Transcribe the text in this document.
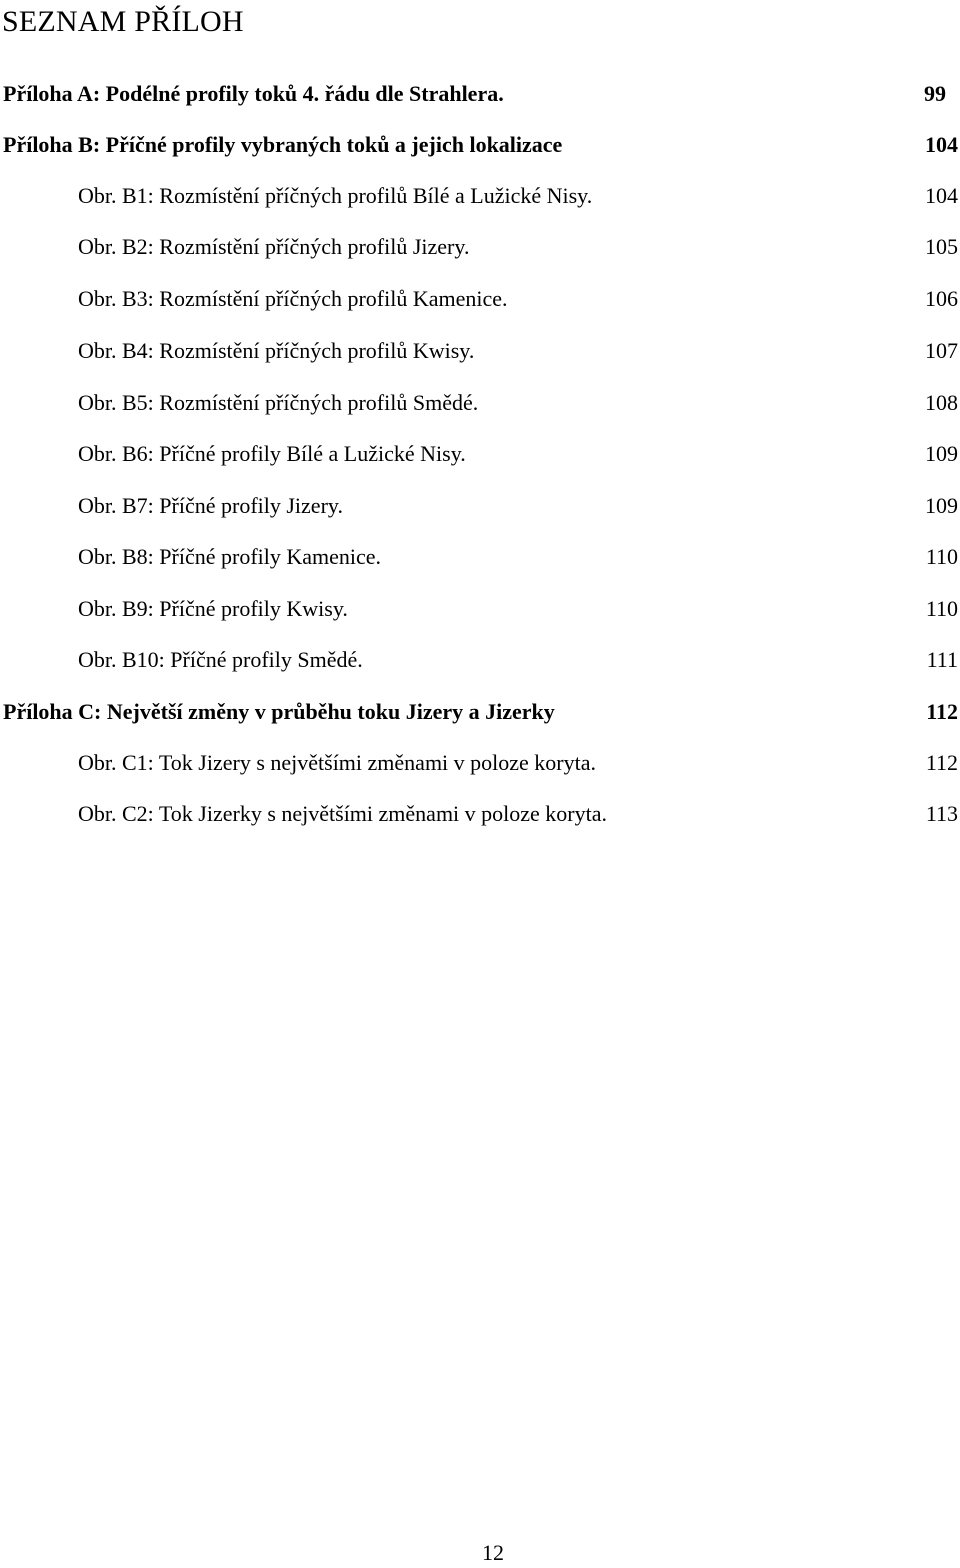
SEZNAM PŘÍLOH
Příloha A: Podélné profily toků 4. řádu dle Strahlera.	99
Příloha B: Příčné profily vybraných toků a jejich lokalizace	104
Obr. B1: Rozmístění příčných profilů Bílé a Lužické Nisy.	104
Obr. B2: Rozmístění příčných profilů Jizery.	105
Obr. B3: Rozmístění příčných profilů Kamenice.	106
Obr. B4: Rozmístění příčných profilů Kwisy.	107
Obr. B5: Rozmístění příčných profilů Smědé.	108
Obr. B6: Příčné profily Bílé a Lužické Nisy.	109
Obr. B7: Příčné profily Jizery.	109
Obr. B8: Příčné profily Kamenice.	110
Obr. B9: Příčné profily Kwisy.	110
Obr. B10: Příčné profily Smědé.	111
Příloha C: Největší změny v průběhu toku Jizery a Jizerky	112
Obr. C1: Tok Jizery s největšími změnami v poloze koryta.	112
Obr. C2: Tok Jizerky s největšími změnami v poloze koryta.	113
12
